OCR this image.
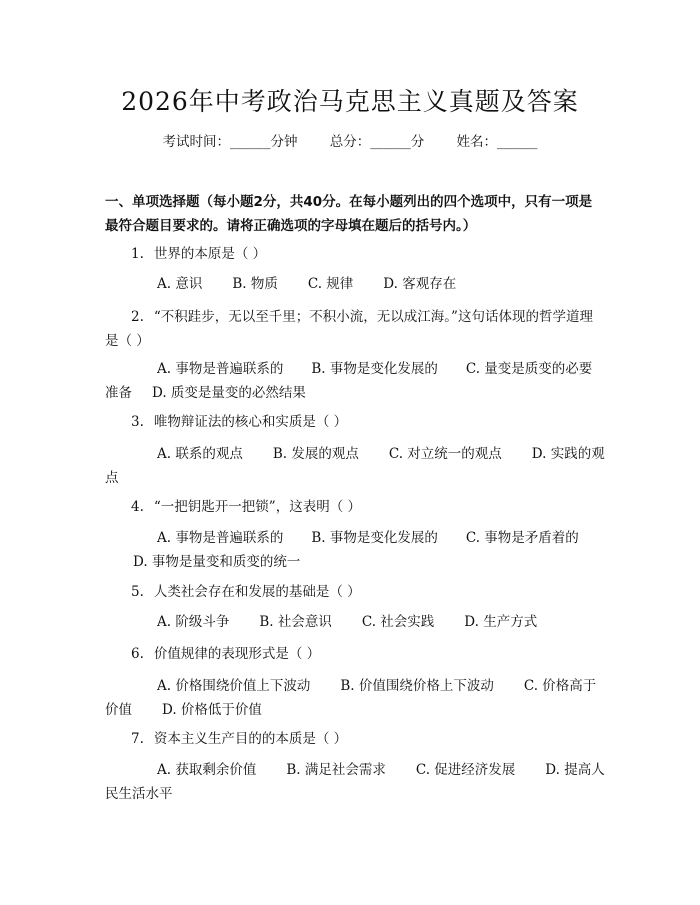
2026年中考政治马克思主义真题及答案
考试时间：______分钟 总分：______分 姓名：______
一、单项选择题（每小题2分，共40分。在每小题列出的四个选项中，只有一项是最符合题目要求的。请将正确选项的字母填在题后的括号内。）
1. 世界的本原是（ ）
A. 意识 B. 物质 C. 规律 D. 客观存在
2. “不积跬步，无以至千里；不积小流，无以成江海。”这句话体现的哲学道理是（ ）
A. 事物是普遍联系的 B. 事物是变化发展的 C. 量变是质变的必要准备 D. 质变是量变的必然结果
3. 唯物辩证法的核心和实质是（ ）
A. 联系的观点 B. 发展的观点 C. 对立统一的观点 D. 实践的观点
4. “一把钥匙开一把锁”，这表明（ ）
A. 事物是普遍联系的 B. 事物是变化发展的 C. 事物是矛盾着的D. 事物是量变和质变的统一
5. 人类社会存在和发展的基础是（ ）
A. 阶级斗争 B. 社会意识 C. 社会实践 D. 生产方式
6. 价值规律的表现形式是（ ）
A. 价格围绕价值上下波动 B. 价值围绕价格上下波动 C. 价格高于价值 D. 价格低于价值
7. 资本主义生产目的的本质是（ ）
A. 获取剩余价值 B. 满足社会需求 C. 促进经济发展 D. 提高人民生活水平
